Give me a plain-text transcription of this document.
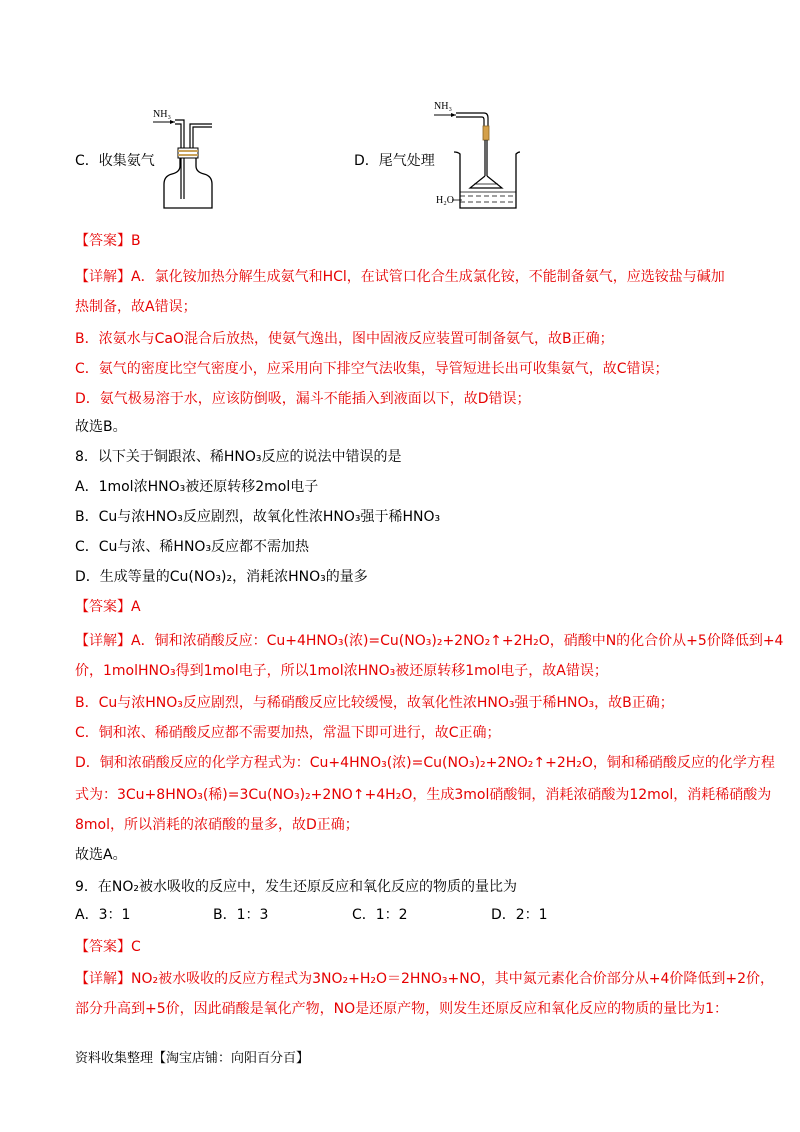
C．收集氨气
NH₃
D．尾气处理
NH₃
H₂O
【答案】B
【详解】A．氯化铵加热分解生成氨气和HCl，在试管口化合生成氯化铵，不能制备氨气，应选铵盐与碱加
热制备，故A错误；
B．浓氨水与CaO混合后放热，使氨气逸出，图中固液反应装置可制备氨气，故B正确；
C．氨气的密度比空气密度小，应采用向下排空气法收集，导管短进长出可收集氨气，故C错误；
D．氨气极易溶于水，应该防倒吸，漏斗不能插入到液面以下，故D错误；
故选B。
8．以下关于铜跟浓、稀HNO₃反应的说法中错误的是
A．1mol浓HNO₃被还原转移2mol电子
B．Cu与浓HNO₃反应剧烈，故氧化性浓HNO₃强于稀HNO₃
C．Cu与浓、稀HNO₃反应都不需加热
D．生成等量的Cu(NO₃)₂，消耗浓HNO₃的量多
【答案】A
【详解】A．铜和浓硝酸反应：Cu+4HNO₃(浓)=Cu(NO₃)₂+2NO₂↑+2H₂O，硝酸中N的化合价从+5价降低到+4
价，1molHNO₃得到1mol电子，所以1mol浓HNO₃被还原转移1mol电子，故A错误；
B．Cu与浓HNO₃反应剧烈，与稀硝酸反应比较缓慢，故氧化性浓HNO₃强于稀HNO₃，故B正确；
C．铜和浓、稀硝酸反应都不需要加热，常温下即可进行，故C正确；
D．铜和浓硝酸反应的化学方程式为：Cu+4HNO₃(浓)=Cu(NO₃)₂+2NO₂↑+2H₂O，铜和稀硝酸反应的化学方程
式为：3Cu+8HNO₃(稀)=3Cu(NO₃)₂+2NO↑+4H₂O，生成3mol硝酸铜，消耗浓硝酸为12mol，消耗稀硝酸为
8mol，所以消耗的浓硝酸的量多，故D正确；
故选A。
9．在NO₂被水吸收的反应中，发生还原反应和氧化反应的物质的量比为
A．3：1	B．1：3	C．1：2	D．2：1
【答案】C
【详解】NO₂被水吸收的反应方程式为3NO₂+H₂O＝2HNO₃+NO，其中氮元素化合价部分从+4价降低到+2价，
部分升高到+5价，因此硝酸是氧化产物，NO是还原产物，则发生还原反应和氧化反应的物质的量比为1：
资料收集整理【淘宝店铺：向阳百分百】
